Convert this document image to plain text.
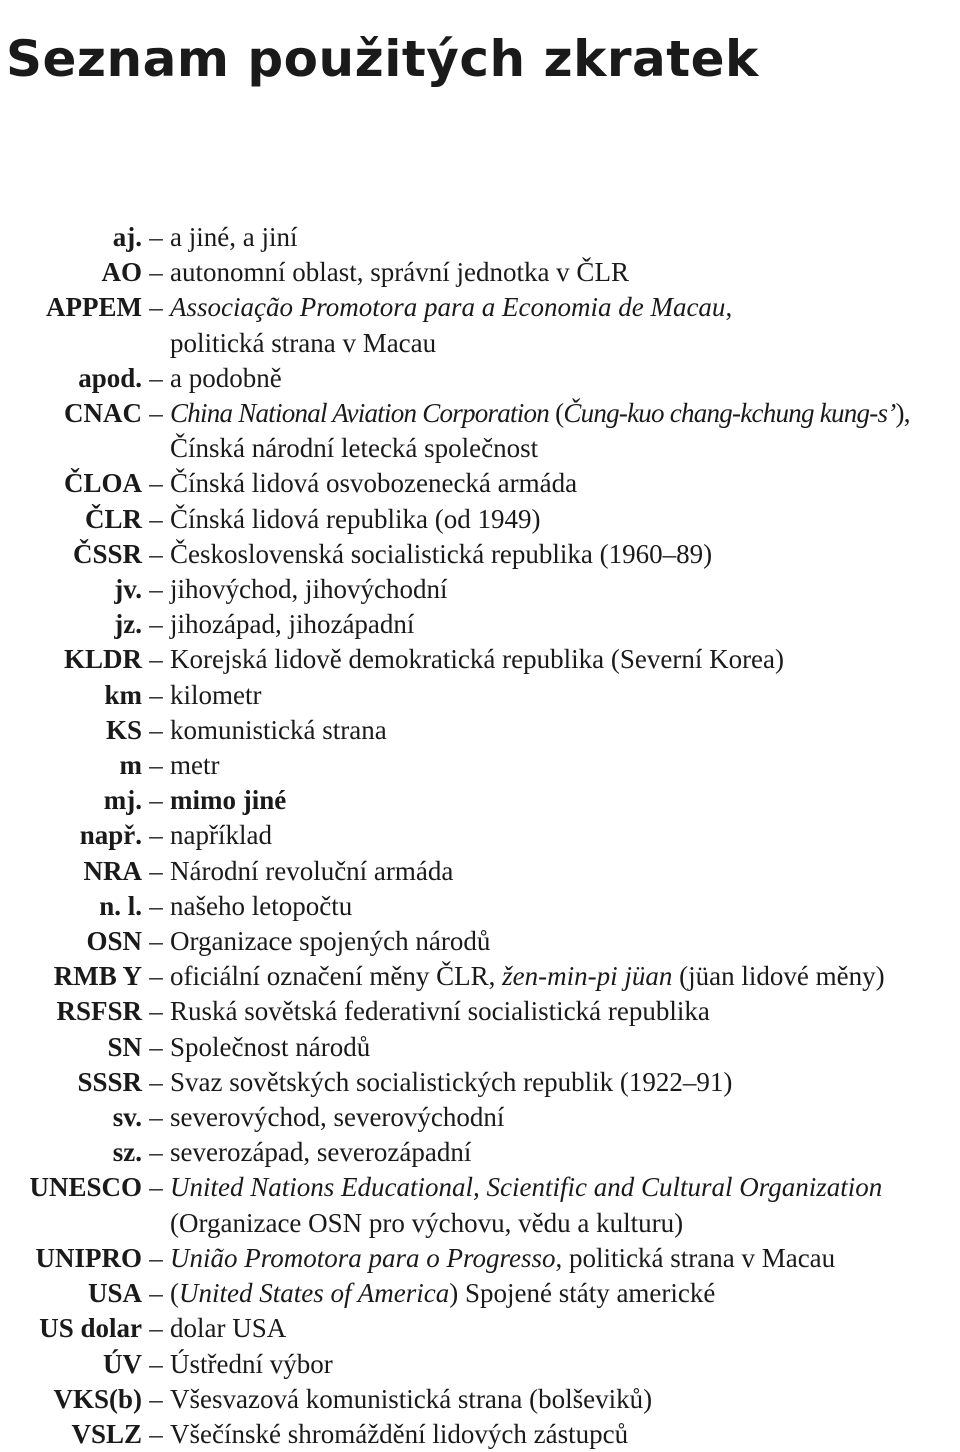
Seznam použitých zkratek
aj. – a jiné, a jiní
AO – autonomní oblast, správní jednotka v ČLR
APPEM – Associação Promotora para a Economia de Macau,
politická strana v Macau
apod. – a podobně
CNAC – China National Aviation Corporation (Čung-kuo chang-kchung kung-s’),
Čínská národní letecká společnost
ČLOA – Čínská lidová osvobozenecká armáda
ČLR – Čínská lidová republika (od 1949)
ČSSR – Československá socialistická republika (1960–89)
jv. – jihovýchod, jihovýchodní
jz. – jihozápad, jihozápadní
KLDR – Korejská lidově demokratická republika (Severní Korea)
km – kilometr
KS – komunistická strana
m – metr
mj. – mimo jiné
např. – například
NRA – Národní revoluční armáda
n. l. – našeho letopočtu
OSN – Organizace spojených národů
RMB Y – oficiální označení měny ČLR, žen-min-pi jüan (jüan lidové měny)
RSFSR – Ruská sovětská federativní socialistická republika
SN – Společnost národů
SSSR – Svaz sovětských socialistických republik (1922–91)
sv. – severovýchod, severovýchodní
sz. – severozápad, severozápadní
UNESCO – United Nations Educational, Scientific and Cultural Organization
(Organizace OSN pro výchovu, vědu a kulturu)
UNIPRO – União Promotora para o Progresso, politická strana v Macau
USA – (United States of America) Spojené státy americké
US dolar – dolar USA
ÚV – Ústřední výbor
VKS(b) – Všesvazová komunistická strana (bolševiků)
VSLZ – Všečínské shromáždění lidových zástupců
